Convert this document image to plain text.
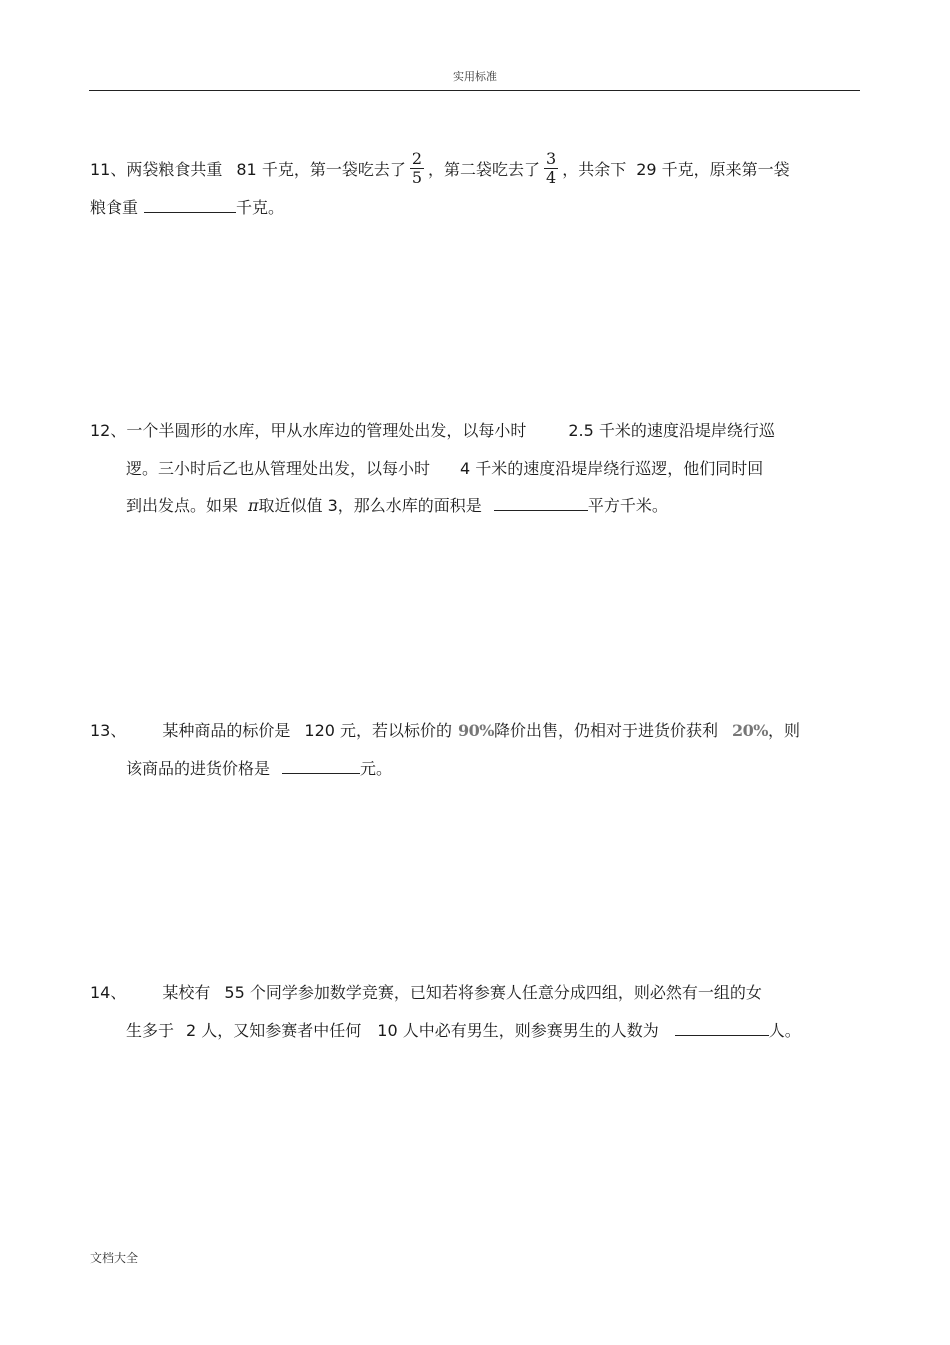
实用标准
11、两袋粮食共重 81 千克，第一袋吃去了 $\frac{2}{5}$ ，第二袋吃去了 $\frac{3}{4}$ ，共余下 29 千克，原来第一袋
粮食重	千克。
12、一个半圆形的水库，甲从水库边的管理处出发，以每小时	2.5 千米的速度沿堤岸绕行巡
逻。三小时后乙也从管理处出发，以每小时 4 千米的速度沿堤岸绕行巡逻，他们同时回
到出发点。如果 π取近似值 3，那么水库的面积是	平方千米。
13、 某种商品的标价是 120 元，若以标价的 90%降价出售，仍相对于进货价获利 20%，则
该商品的进货价格是	元。
14、 某校有 55 个同学参加数学竞赛，已知若将参赛人任意分成四组，则必然有一组的女
生多于 2 人，又知参赛者中任何 10 人中必有男生，则参赛男生的人数为	人。
文档大全
